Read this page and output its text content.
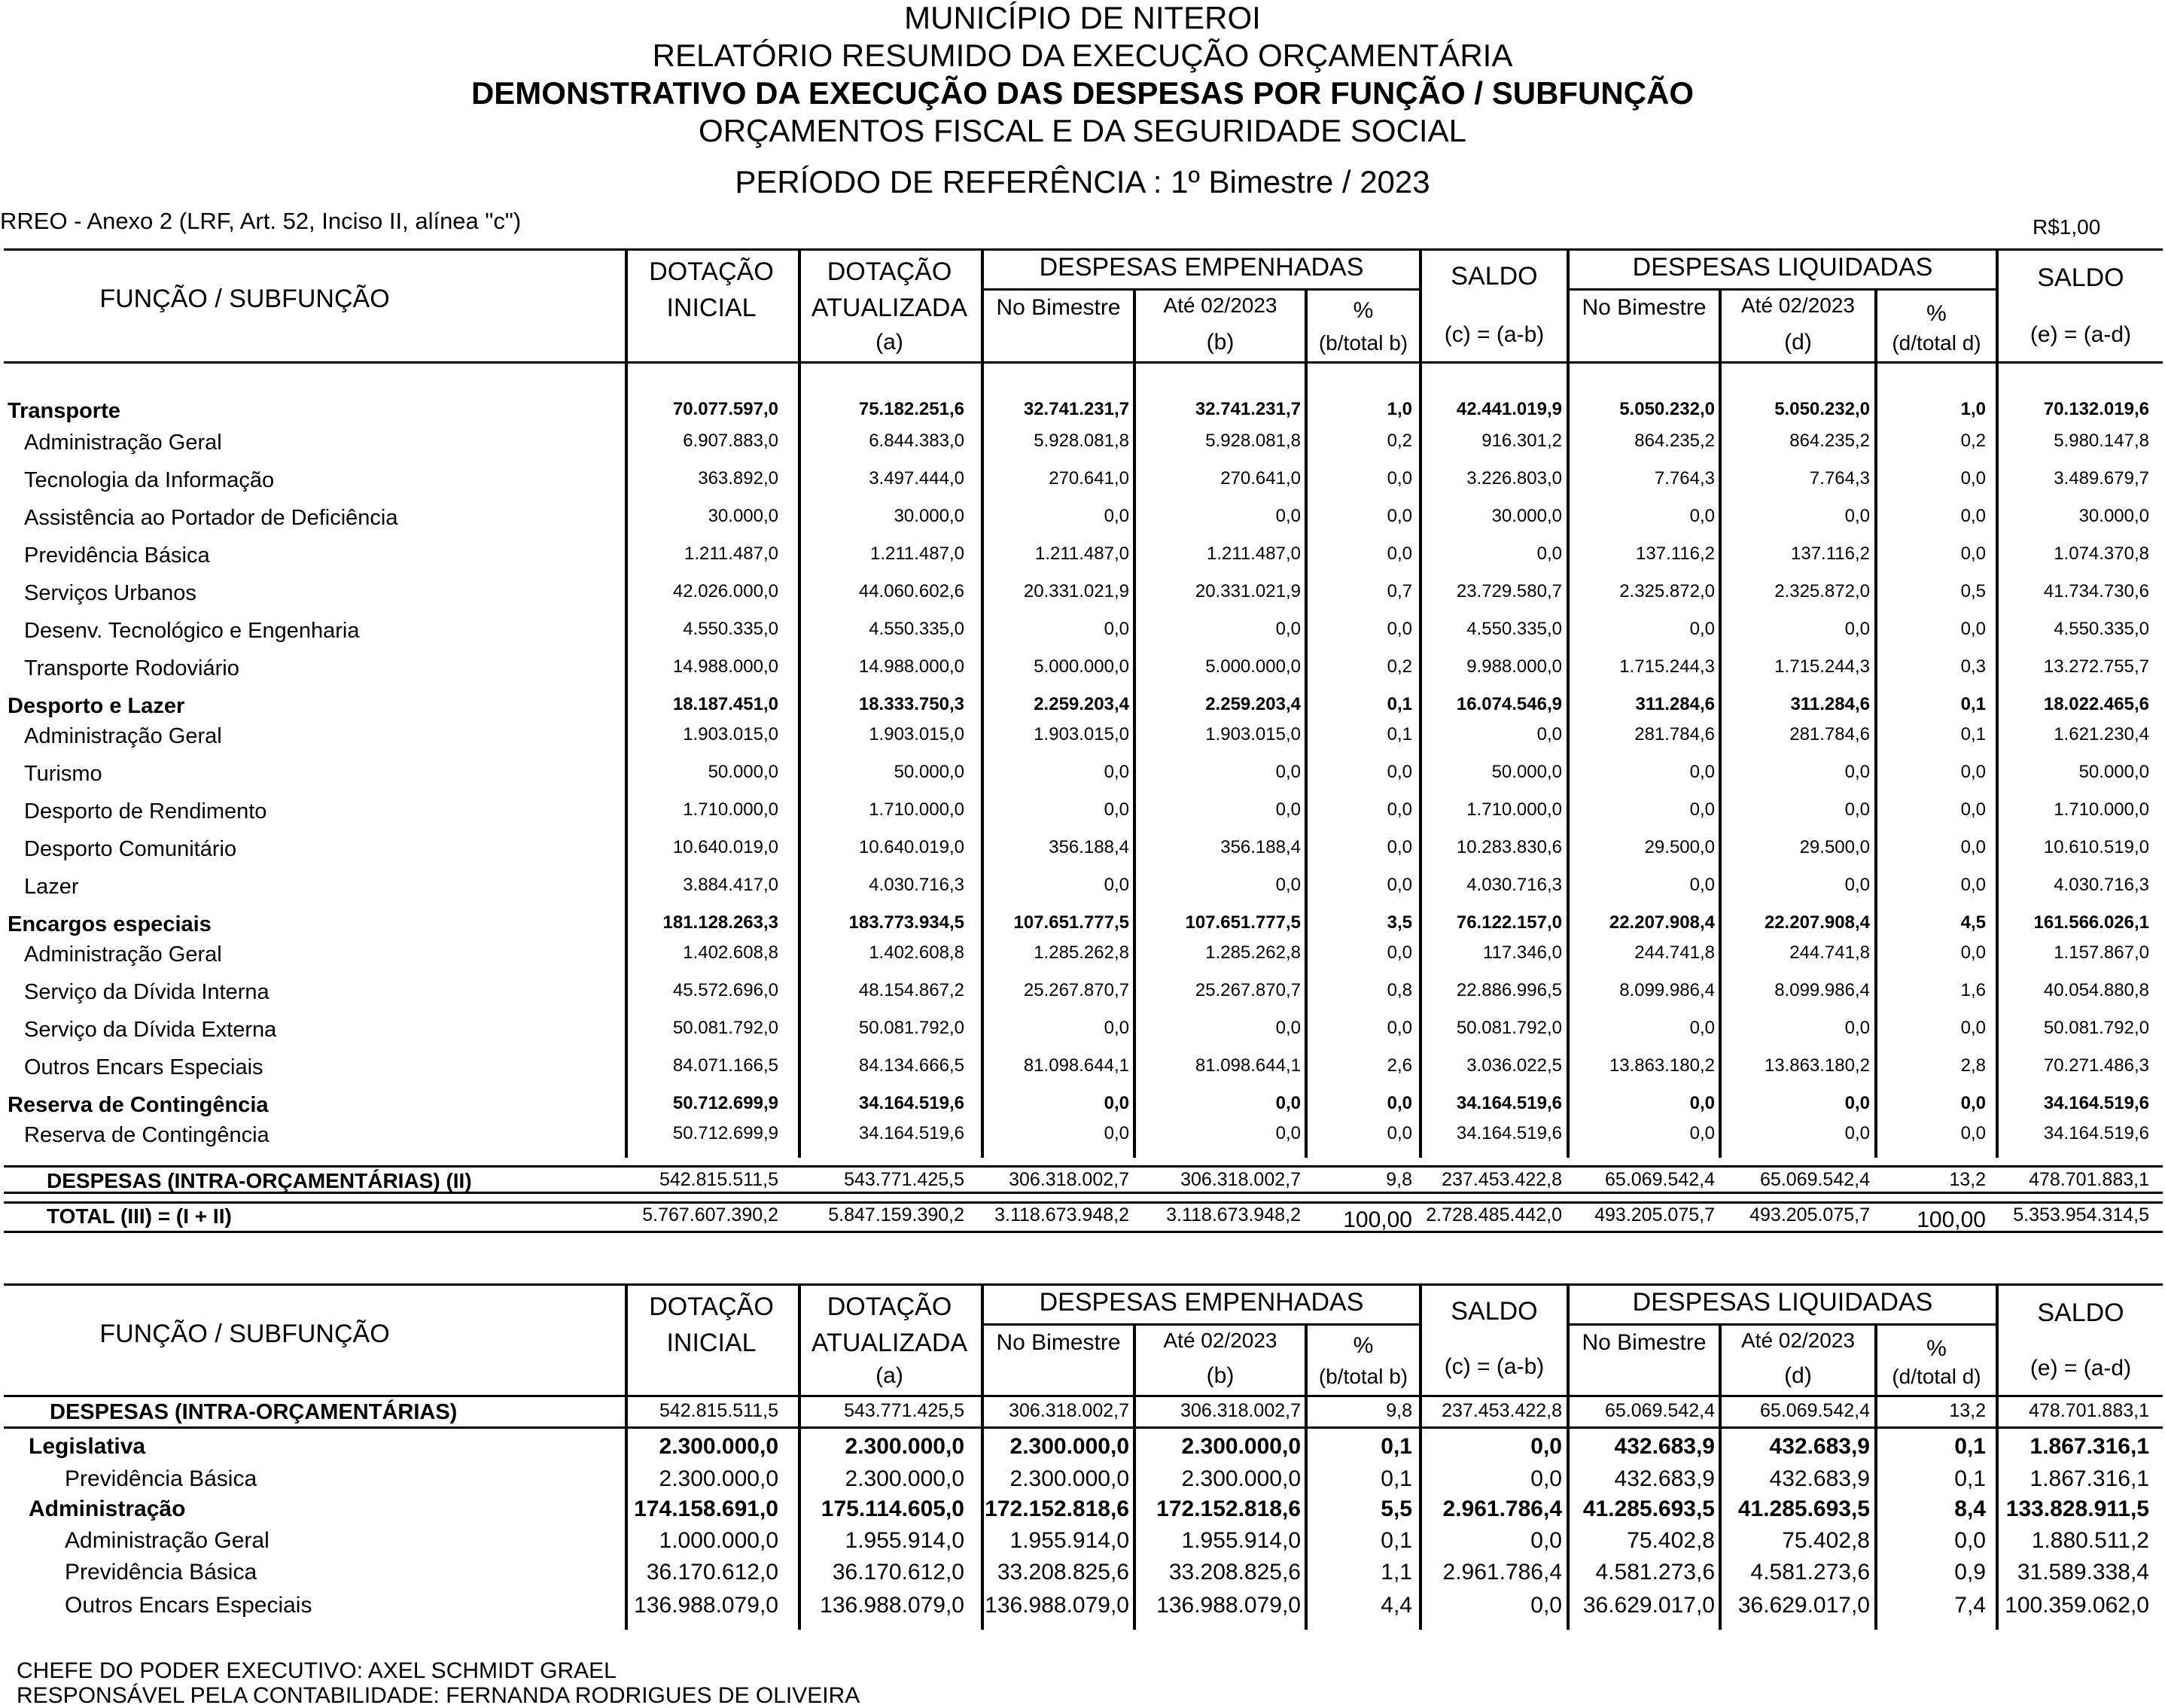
MUNICÍPIO DE NITEROI
RELATÓRIO RESUMIDO DA EXECUÇÃO ORÇAMENTÁRIA
DEMONSTRATIVO DA EXECUÇÃO DAS DESPESAS POR FUNÇÃO / SUBFUNÇÃO
ORÇAMENTOS FISCAL E DA SEGURIDADE SOCIAL
PERÍODO DE REFERÊNCIA : 1º Bimestre / 2023
RREO - Anexo 2 (LRF, Art. 52, Inciso II, alínea "c")	R$1,00
FUNÇÃO / SUBFUNÇÃO
DOTAÇÃO
INICIAL
DOTAÇÃO
ATUALIZADA
(a)
DESPESAS EMPENHADAS
No Bimestre	Até 02/2023
(b)
%
(b/total b)
SALDO
(c) = (a-b)
DESPESAS LIQUIDADAS
No Bimestre	Até 02/2023
(d)
%
(d/total d)
SALDO
(e) = (a-d)
Transporte	70.077.597,0	75.182.251,6	32.741.231,7	32.741.231,7	1,0	42.441.019,9	5.050.232,0	5.050.232,0	1,0	70.132.019,6
Administração Geral	6.907.883,0	6.844.383,0	5.928.081,8	5.928.081,8	0,2	916.301,2	864.235,2	864.235,2	0,2	5.980.147,8
Tecnologia da Informação	363.892,0	3.497.444,0	270.641,0	270.641,0	0,0	3.226.803,0	7.764,3	7.764,3	0,0	3.489.679,7
Assistência ao Portador de Deficiência	30.000,0	30.000,0	0,0	0,0	0,0	30.000,0	0,0	0,0	0,0	30.000,0
Previdência Básica	1.211.487,0	1.211.487,0	1.211.487,0	1.211.487,0	0,0	0,0	137.116,2	137.116,2	0,0	1.074.370,8
Serviços Urbanos	42.026.000,0	44.060.602,6	20.331.021,9	20.331.021,9	0,7	23.729.580,7	2.325.872,0	2.325.872,0	0,5	41.734.730,6
Desenv. Tecnológico e Engenharia	4.550.335,0	4.550.335,0	0,0	0,0	0,0	4.550.335,0	0,0	0,0	0,0	4.550.335,0
Transporte Rodoviário	14.988.000,0	14.988.000,0	5.000.000,0	5.000.000,0	0,2	9.988.000,0	1.715.244,3	1.715.244,3	0,3	13.272.755,7
Desporto e Lazer	18.187.451,0	18.333.750,3	2.259.203,4	2.259.203,4	0,1	16.074.546,9	311.284,6	311.284,6	0,1	18.022.465,6
Administração Geral	1.903.015,0	1.903.015,0	1.903.015,0	1.903.015,0	0,1	0,0	281.784,6	281.784,6	0,1	1.621.230,4
Turismo	50.000,0	50.000,0	0,0	0,0	0,0	50.000,0	0,0	0,0	0,0	50.000,0
Desporto de Rendimento	1.710.000,0	1.710.000,0	0,0	0,0	0,0	1.710.000,0	0,0	0,0	0,0	1.710.000,0
Desporto Comunitário	10.640.019,0	10.640.019,0	356.188,4	356.188,4	0,0	10.283.830,6	29.500,0	29.500,0	0,0	10.610.519,0
Lazer	3.884.417,0	4.030.716,3	0,0	0,0	0,0	4.030.716,3	0,0	0,0	0,0	4.030.716,3
Encargos especiais	181.128.263,3	183.773.934,5	107.651.777,5	107.651.777,5	3,5	76.122.157,0	22.207.908,4	22.207.908,4	4,5	161.566.026,1
Administração Geral	1.402.608,8	1.402.608,8	1.285.262,8	1.285.262,8	0,0	117.346,0	244.741,8	244.741,8	0,0	1.157.867,0
Serviço da Dívida Interna	45.572.696,0	48.154.867,2	25.267.870,7	25.267.870,7	0,8	22.886.996,5	8.099.986,4	8.099.986,4	1,6	40.054.880,8
Serviço da Dívida Externa	50.081.792,0	50.081.792,0	0,0	0,0	0,0	50.081.792,0	0,0	0,0	0,0	50.081.792,0
Outros Encars Especiais	84.071.166,5	84.134.666,5	81.098.644,1	81.098.644,1	2,6	3.036.022,5	13.863.180,2	13.863.180,2	2,8	70.271.486,3
Reserva de Contingência	50.712.699,9	34.164.519,6	0,0	0,0	0,0	34.164.519,6	0,0	0,0	0,0	34.164.519,6
Reserva de Contingência	50.712.699,9	34.164.519,6	0,0	0,0	0,0	34.164.519,6	0,0	0,0	0,0	34.164.519,6
DESPESAS (INTRA-ORÇAMENTÁRIAS) (II)	542.815.511,5	543.771.425,5	306.318.002,7	306.318.002,7	9,8	237.453.422,8	65.069.542,4	65.069.542,4	13,2	478.701.883,1
TOTAL (III) = (I + II)	5.767.607.390,2	5.847.159.390,2	3.118.673.948,2	3.118.673.948,2	100,00 2.728.485.442,0	493.205.075,7	493.205.075,7	100,00	5.353.954.314,5
FUNÇÃO / SUBFUNÇÃO
DOTAÇÃO
INICIAL
DOTAÇÃO
ATUALIZADA
(a)
DESPESAS EMPENHADAS
No Bimestre	Até 02/2023
(b)
%
(b/total b)
SALDO
(c) = (a-b)
DESPESAS LIQUIDADAS
No Bimestre	Até 02/2023
(d)
%
(d/total d)
SALDO
(e) = (a-d)
DESPESAS (INTRA-ORÇAMENTÁRIAS)	542.815.511,5	543.771.425,5	306.318.002,7	306.318.002,7	9,8	237.453.422,8	65.069.542,4	65.069.542,4	13,2	478.701.883,1
Legislativa	2.300.000,0	2.300.000,0	2.300.000,0	2.300.000,0	0,1	0,0	432.683,9	432.683,9	0,1	1.867.316,1
Previdência Básica	2.300.000,0	2.300.000,0	2.300.000,0	2.300.000,0	0,1	0,0	432.683,9	432.683,9	0,1	1.867.316,1
Administração	174.158.691,0	175.114.605,0 172.152.818,6	172.152.818,6	5,5	2.961.786,4 41.285.693,5	41.285.693,5	8,4 133.828.911,5
Administração Geral	1.000.000,0	1.955.914,0	1.955.914,0	1.955.914,0	0,1	0,0	75.402,8	75.402,8	0,0	1.880.511,2
Previdência Básica	36.170.612,0	36.170.612,0	33.208.825,6	33.208.825,6	1,1	2.961.786,4	4.581.273,6	4.581.273,6	0,9	31.589.338,4
Outros Encars Especiais	136.988.079,0	136.988.079,0 136.988.079,0	136.988.079,0	4,4	0,0 36.629.017,0	36.629.017,0	7,4 100.359.062,0
CHEFE DO PODER EXECUTIVO: AXEL SCHMIDT GRAEL
RESPONSÁVEL PELA CONTABILIDADE: FERNANDA RODRIGUES DE OLIVEIRA
